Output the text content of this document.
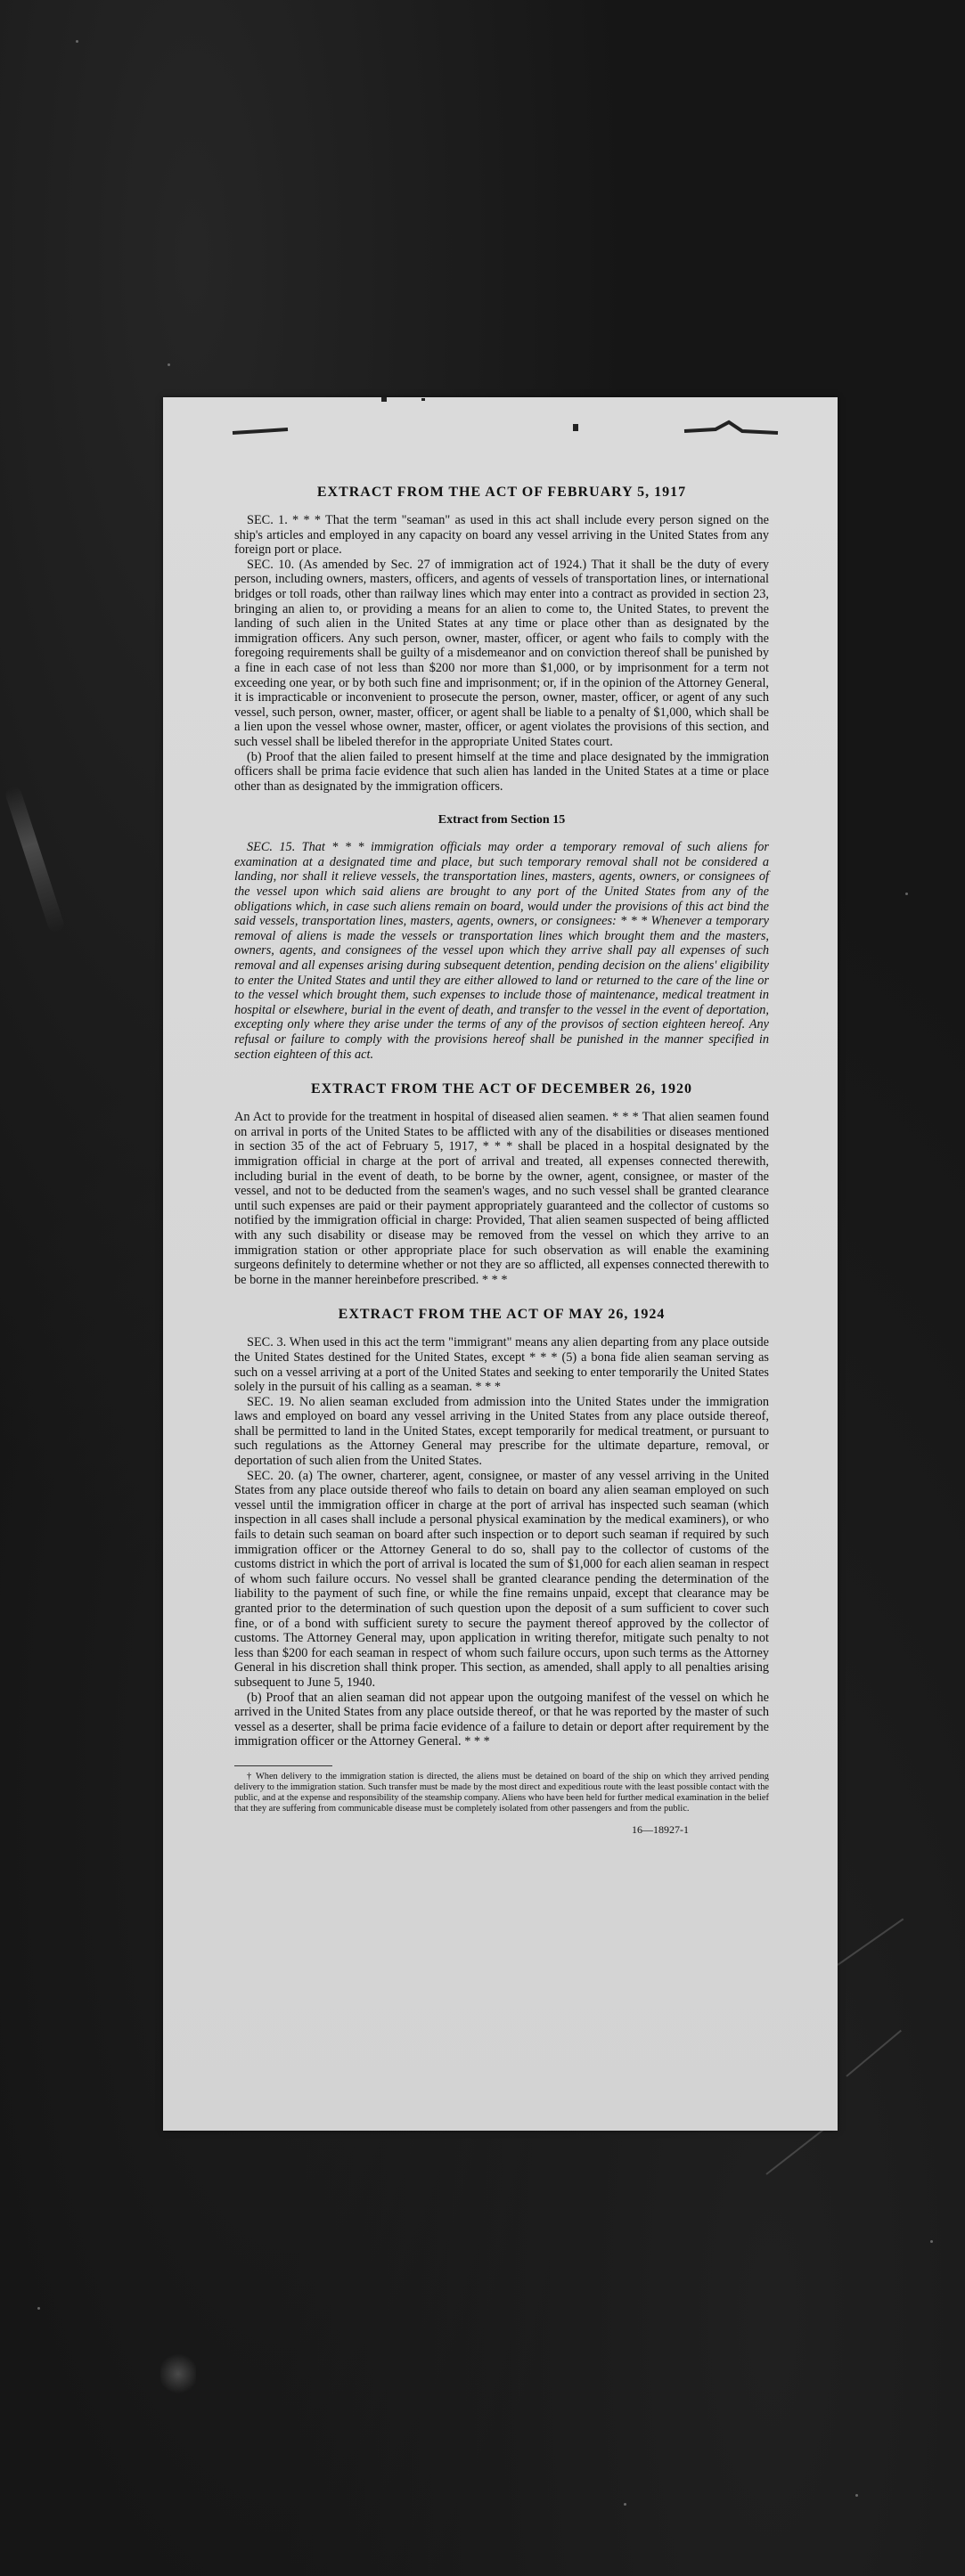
EXTRACT FROM THE ACT OF FEBRUARY 5, 1917

SEC. 1. * * * That the term "seaman" as used in this act shall include every person signed on the ship's articles and employed in any capacity on board any vessel arriving in the United States from any foreign port or place.

SEC. 10. (As amended by Sec. 27 of immigration act of 1924.) That it shall be the duty of every person, including owners, masters, officers, and agents of vessels of transportation lines, or international bridges or toll roads, other than railway lines which may enter into a contract as provided in section 23, bringing an alien to, or providing a means for an alien to come to, the United States, to prevent the landing of such alien in the United States at any time or place other than as designated by the immigration officers. Any such person, owner, master, officer, or agent who fails to comply with the foregoing requirements shall be guilty of a misdemeanor and on conviction thereof shall be punished by a fine in each case of not less than $200 nor more than $1,000, or by imprisonment for a term not exceeding one year, or by both such fine and imprisonment; or, if in the opinion of the Attorney General, it is impracticable or inconvenient to prosecute the person, owner, master, officer, or agent of any such vessel, such person, owner, master, officer, or agent shall be liable to a penalty of $1,000, which shall be a lien upon the vessel whose owner, master, officer, or agent violates the provisions of this section, and such vessel shall be libeled therefor in the appropriate United States court.

(b) Proof that the alien failed to present himself at the time and place designated by the immigration officers shall be prima facie evidence that such alien has landed in the United States at a time or place other than as designated by the immigration officers.

Extract from Section 15

SEC. 15. That * * * immigration officials may order a temporary removal of such aliens for examination at a designated time and place, but such temporary removal shall not be considered a landing, nor shall it relieve vessels, the transportation lines, masters, agents, owners, or consignees of the vessel upon which said aliens are brought to any port of the United States from any of the obligations which, in case such aliens remain on board, would under the provisions of this act bind the said vessels, transportation lines, masters, agents, owners, or consignees: * * * Whenever a temporary removal of aliens is made the vessels or transportation lines which brought them and the masters, owners, agents, and consignees of the vessel upon which they arrive shall pay all expenses of such removal and all expenses arising during subsequent detention, pending decision on the aliens' eligibility to enter the United States and until they are either allowed to land or returned to the care of the line or to the vessel which brought them, such expenses to include those of maintenance, medical treatment in hospital or elsewhere, burial in the event of death, and transfer to the vessel in the event of deportation, excepting only where they arise under the terms of any of the provisos of section eighteen hereof. Any refusal or failure to comply with the provisions hereof shall be punished in the manner specified in section eighteen of this act.

EXTRACT FROM THE ACT OF DECEMBER 26, 1920

An Act to provide for the treatment in hospital of diseased alien seamen. * * * That alien seamen found on arrival in ports of the United States to be afflicted with any of the disabilities or diseases mentioned in section 35 of the act of February 5, 1917, * * * shall be placed in a hospital designated by the immigration official in charge at the port of arrival and treated, all expenses connected therewith, including burial in the event of death, to be borne by the owner, agent, consignee, or master of the vessel, and not to be deducted from the seamen's wages, and no such vessel shall be granted clearance until such expenses are paid or their payment appropriately guaranteed and the collector of customs so notified by the immigration official in charge: Provided, That alien seamen suspected of being afflicted with any such disability or disease may be removed from the vessel on which they arrive to an immigration station or other appropriate place for such observation as will enable the examining surgeons definitely to determine whether or not they are so afflicted, all expenses connected therewith to be borne in the manner hereinbefore prescribed. * * *

EXTRACT FROM THE ACT OF MAY 26, 1924

SEC. 3. When used in this act the term "immigrant" means any alien departing from any place outside the United States destined for the United States, except * * * (5) a bona fide alien seaman serving as such on a vessel arriving at a port of the United States and seeking to enter temporarily the United States solely in the pursuit of his calling as a seaman. * * *

SEC. 19. No alien seaman excluded from admission into the United States under the immigration laws and employed on board any vessel arriving in the United States from any place outside thereof, shall be permitted to land in the United States, except temporarily for medical treatment, or pursuant to such regulations as the Attorney General may prescribe for the ultimate departure, removal, or deportation of such alien from the United States.

SEC. 20. (a) The owner, charterer, agent, consignee, or master of any vessel arriving in the United States from any place outside thereof who fails to detain on board any alien seaman employed on such vessel until the immigration officer in charge at the port of arrival has inspected such seaman (which inspection in all cases shall include a personal physical examination by the medical examiners), or who fails to detain such seaman on board after such inspection or to deport such seaman if required by such immigration officer or the Attorney General to do so, shall pay to the collector of customs of the customs district in which the port of arrival is located the sum of $1,000 for each alien seaman in respect of whom such failure occurs. No vessel shall be granted clearance pending the determination of the liability to the payment of such fine, or while the fine remains unpaid, except that clearance may be granted prior to the determination of such question upon the deposit of a sum sufficient to cover such fine, or of a bond with sufficient surety to secure the payment thereof approved by the collector of customs. The Attorney General may, upon application in writing therefor, mitigate such penalty to not less than $200 for each seaman in respect of whom such failure occurs, upon such terms as the Attorney General in his discretion shall think proper. This section, as amended, shall apply to all penalties arising subsequent to June 5, 1940.

(b) Proof that an alien seaman did not appear upon the outgoing manifest of the vessel on which he arrived in the United States from any place outside thereof, or that he was reported by the master of such vessel as a deserter, shall be prima facie evidence of a failure to detain or deport after requirement by the immigration officer or the Attorney General. * * *

† When delivery to the immigration station is directed, the aliens must be detained on board of the ship on which they arrived pending delivery to the immigration station. Such transfer must be made by the most direct and expeditious route with the least possible contact with the public, and at the expense and responsibility of the steamship company. Aliens who have been held for further medical examination in the belief that they are suffering from communicable disease must be completely isolated from other passengers and from the public.
16—18927-1
